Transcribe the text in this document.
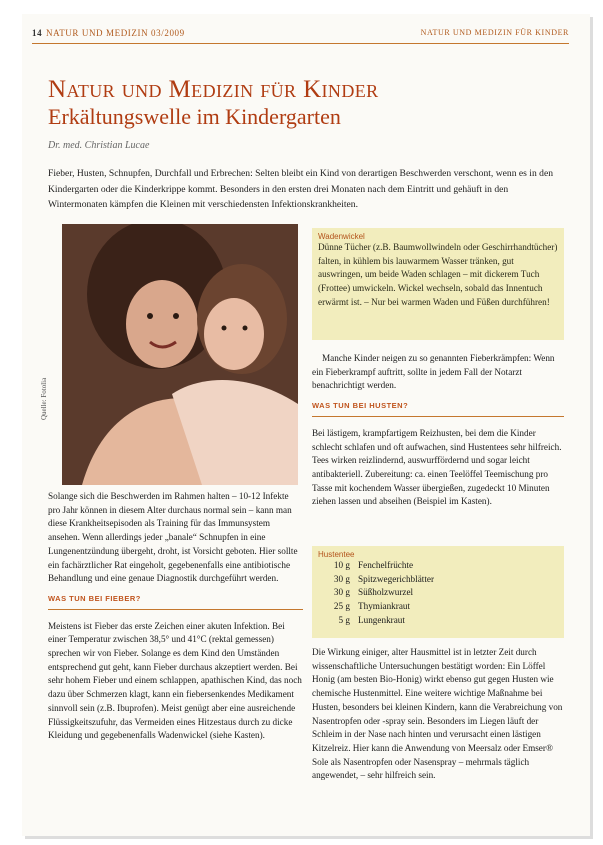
14 NATUR UND MEDIZIN 03/2009	NATUR UND MEDIZIN FÜR KINDER
Natur und Medizin für Kinder
Erkältungswelle im Kindergarten
Dr. med. Christian Lucae
Fieber, Husten, Schnupfen, Durchfall und Erbrechen: Selten bleibt ein Kind von derartigen Beschwerden verschont, wenn es in den Kindergarten oder die Kinderkrippe kommt. Besonders in den ersten drei Monaten nach dem Eintritt und gehäuft in den Wintermonaten kämpfen die Kleinen mit verschiedensten Infektionskrankheiten.
Quelle: Fotolia
Wadenwickel
Dünne Tücher (z.B. Baumwollwindeln oder Geschirrhandtücher) falten, in kühlem bis lauwarmem Wasser tränken, gut auswringen, um beide Waden schlagen – mit dickerem Tuch (Frottee) umwickeln. Wickel wechseln, sobald das Innentuch erwärmt ist. – Nur bei warmen Waden und Füßen durchführen!

Solange sich die Beschwerden im Rahmen halten – 10-12 Infekte pro Jahr können in diesem Alter durchaus normal sein – kann man diese Krankheitsepisoden als Training für das Immunsystem ansehen. Wenn allerdings jeder „banale“ Schnupfen in eine Lungenentzündung übergeht, droht, ist Vorsicht geboten. Hier sollte ein fachärztlicher Rat eingeholt, gegebenenfalls eine antibiotische Behandlung und eine genaue Diagnostik durchgeführt werden.

WAS TUN BEI FIEBER?

Meistens ist Fieber das erste Zeichen einer akuten Infektion. Bei einer Temperatur zwischen 38,5° und 41°C (rektal gemessen) sprechen wir von Fieber. Solange es dem Kind den Umständen entsprechend gut geht, kann Fieber durchaus akzeptiert werden. Bei sehr hohem Fieber und einem schlappen, apathischen Kind, das noch dazu über Schmerzen klagt, kann ein fiebersenkendes Medikament sinnvoll sein (z.B. Ibuprofen). Meist genügt aber eine ausreichende Flüssigkeitszufuhr, das Vermeiden eines Hitzestaus durch zu dicke Kleidung und gegebenenfalls Wadenwickel (siehe Kasten).

Manche Kinder neigen zu so genannten Fieberkrämpfen: Wenn ein Fieberkrampf auftritt, sollte in jedem Fall der Notarzt benachrichtigt werden.

WAS TUN BEI HUSTEN?

Bei lästigem, krampfartigem Reizhusten, bei dem die Kinder schlecht schlafen und oft aufwachen, sind Hustentees sehr hilfreich. Tees wirken reizlindernd, auswurffördernd und sogar leicht antibakteriell. Zubereitung: ca. einen Teelöffel Teemischung pro Tasse mit kochendem Wasser übergießen, zugedeckt 10 Minuten ziehen lassen und abseihen (Beispiel im Kasten).

Hustentee
10 g Fenchelfrüchte
30 g Spitzwegerichblätter
30 g Süßholzwurzel
25 g Thymiankraut
5 g Lungenkraut
Die Wirkung einiger, alter Hausmittel ist in letzter Zeit durch wissenschaftliche Untersuchungen bestätigt worden: Ein Löffel Honig (am besten Bio-Honig) wirkt ebenso gut gegen Husten wie chemische Hustenmittel. Eine weitere wichtige Maßnahme bei Husten, besonders bei kleinen Kindern, kann die Verabreichung von Nasentropfen oder -spray sein. Besonders im Liegen läuft der Schleim in der Nase nach hinten und verursacht einen lästigen Kitzelreiz. Hier kann die Anwendung von Meersalz oder Emser® Sole als Nasentropfen oder Nasenspray – mehrmals täglich angewendet, – sehr hilfreich sein.
